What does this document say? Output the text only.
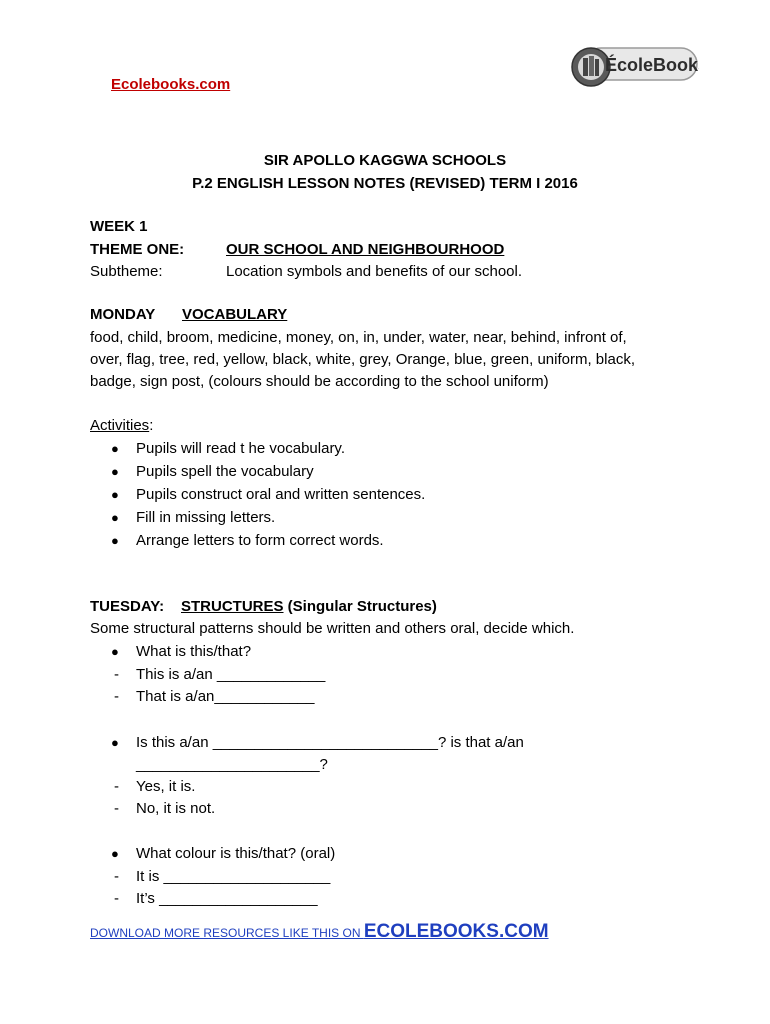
Ecolebooks.com
ÉcoleBooks
SIR APOLLO KAGGWA SCHOOLS
P.2 ENGLISH LESSON NOTES (REVISED) TERM I 2016
WEEK 1
THEME ONE:	OUR SCHOOL AND NEIGHBOURHOOD
Subtheme:	Location symbols and benefits of our school.
MONDAY VOCABULARY
food, child, broom, medicine, money, on, in, under, water, near, behind, infront of,
over, flag, tree, red, yellow, black, white, grey, Orange, blue, green, uniform, black,
badge, sign post, (colours should be according to the school uniform)
Activities:
● Pupils will read t he vocabulary.
● Pupils spell the vocabulary
● Pupils construct oral and written sentences.
● Fill in missing letters.
● Arrange letters to form correct words.
TUESDAY: STRUCTURES (Singular Structures)
Some structural patterns should be written and others oral, decide which.
● What is this/that?
- This is a/an _____________
- That is a/an____________
● Is this a/an ___________________________? is that a/an
______________________?
- Yes, it is.
- No, it is not.
● What colour is this/that? (oral)
- It is ____________________
- It’s ___________________
DOWNLOAD MORE RESOURCES LIKE THIS ON ECOLEBOOKS.COM
